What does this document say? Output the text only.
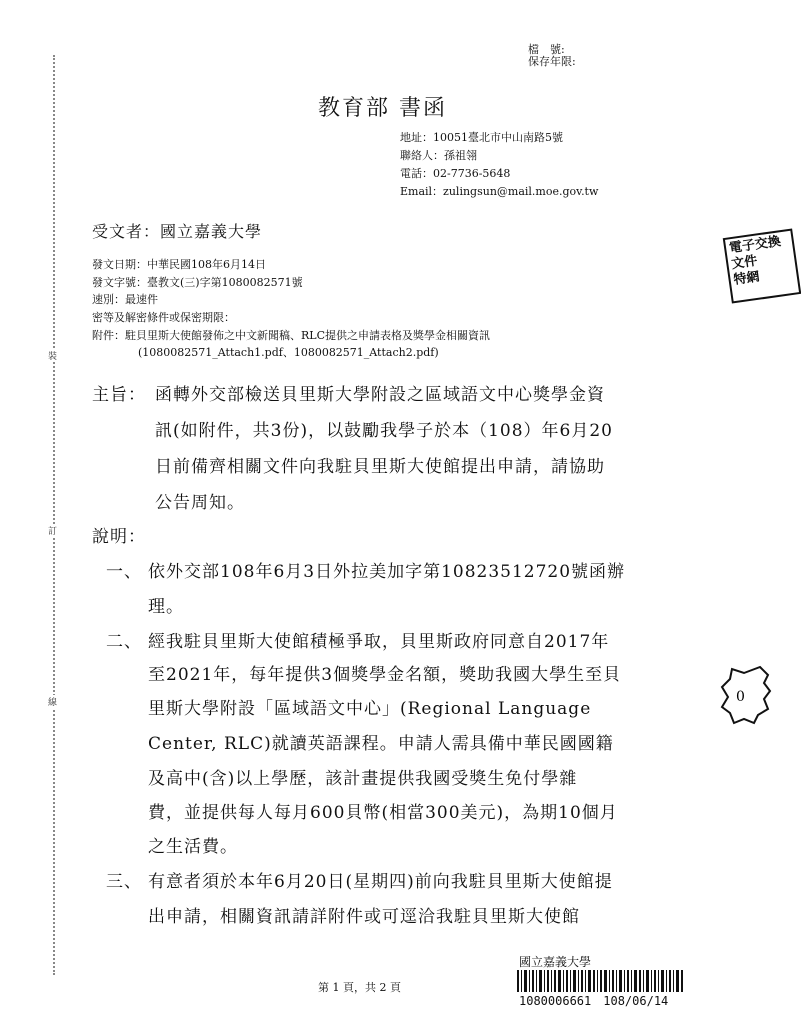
裝
訂
線
檔　號:
保存年限:
教育部 書函
地址：10051臺北市中山南路5號
聯絡人：孫祖翎
電話：02-7736-5648
Email：zulingsun@mail.moe.gov.tw
受文者：國立嘉義大學
電子交換
文件
特網
發文日期：中華民國108年6月14日
發文字號：臺教文(三)字第1080082571號
速別：最速件
密等及解密條件或保密期限：
附件：駐貝里斯大使館發佈之中文新聞稿、RLC提供之申請表格及獎學金相關資訊
(1080082571_Attach1.pdf、1080082571_Attach2.pdf)
主旨： 函轉外交部檢送貝里斯大學附設之區域語文中心獎學金資
訊(如附件，共3份)，以鼓勵我學子於本（108）年6月20
日前備齊相關文件向我駐貝里斯大使館提出申請，請協助
公告周知。
說明：
一、 依外交部108年6月3日外拉美加字第10823512720號函辦
理。
二、 經我駐貝里斯大使館積極爭取，貝里斯政府同意自2017年
至2021年，每年提供3個獎學金名額，獎助我國大學生至貝
里斯大學附設「區域語文中心」(Regional Language
Center, RLC)就讀英語課程。申請人需具備中華民國國籍
及高中(含)以上學歷，該計畫提供我國受獎生免付學雜
費，並提供每人每月600貝幣(相當300美元)，為期10個月
之生活費。
三、 有意者須於本年6月20日(星期四)前向我駐貝里斯大使館提
出申請，相關資訊請詳附件或可逕洽我駐貝里斯大使館
0
第 1 頁，共 2 頁
國立嘉義大學
1080006661　108/06/14
